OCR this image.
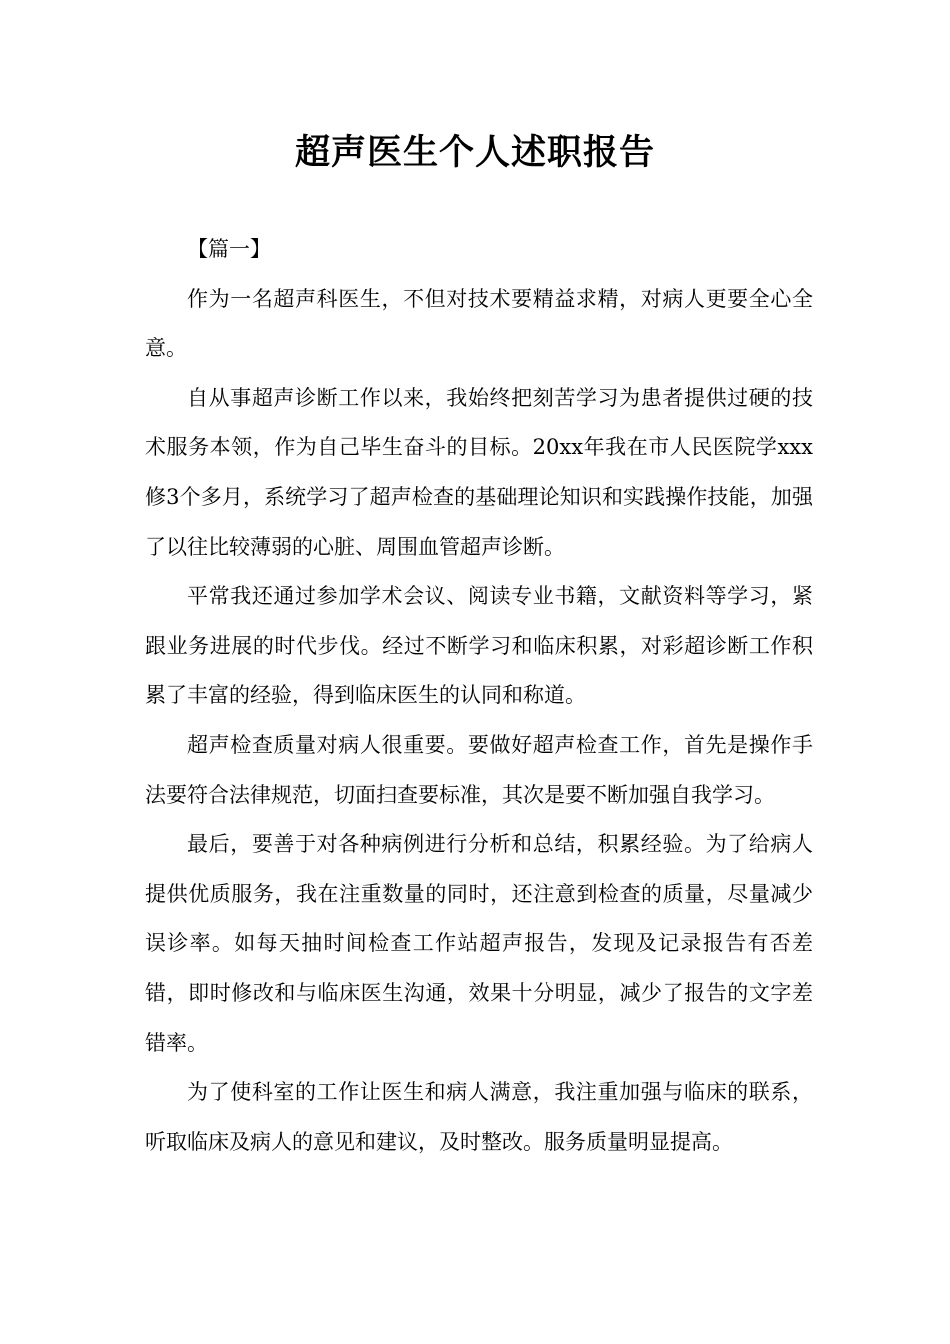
超声医生个人述职报告

【篇一】

作为一名超声科医生，不但对技术要精益求精，对病人更要全心全意。

自从事超声诊断工作以来，我始终把刻苦学习为患者提供过硬的技术服务本领，作为自己毕生奋斗的目标。20xx年我在市人民医院学xxx修3个多月，系统学习了超声检查的基础理论知识和实践操作技能，加强了以往比较薄弱的心脏、周围血管超声诊断。

平常我还通过参加学术会议、阅读专业书籍，文献资料等学习，紧跟业务进展的时代步伐。经过不断学习和临床积累，对彩超诊断工作积累了丰富的经验，得到临床医生的认同和称道。

超声检查质量对病人很重要。要做好超声检查工作，首先是操作手法要符合法律规范，切面扫查要标准，其次是要不断加强自我学习。

最后，要善于对各种病例进行分析和总结，积累经验。为了给病人提供优质服务，我在注重数量的同时，还注意到检查的质量，尽量减少误诊率。如每天抽时间检查工作站超声报告，发现及记录报告有否差错，即时修改和与临床医生沟通，效果十分明显，减少了报告的文字差错率。

为了使科室的工作让医生和病人满意，我注重加强与临床的联系，听取临床及病人的意见和建议，及时整改。服务质量明显提高。
